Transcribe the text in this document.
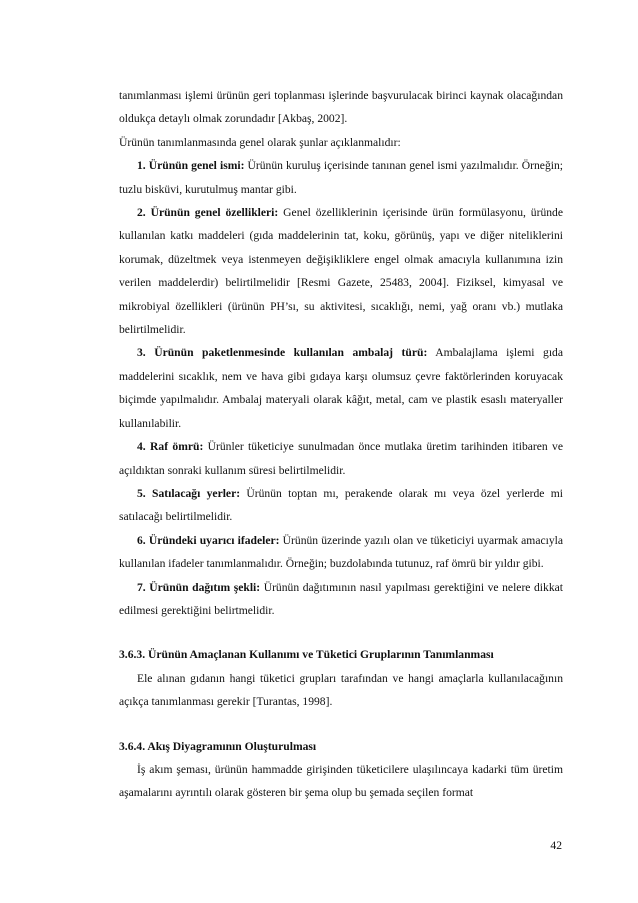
tanımlanması işlemi ürünün geri toplanması işlerinde başvurulacak birinci kaynak olacağından oldukça detaylı olmak zorundadır [Akbaş, 2002].

Ürünün tanımlanmasında genel olarak şunlar açıklanmalıdır:

1. Ürünün genel ismi: Ürünün kuruluş içerisinde tanınan genel ismi yazılmalıdır. Örneğin; tuzlu bisküvi, kurutulmuş mantar gibi.

2. Ürünün genel özellikleri: Genel özelliklerinin içerisinde ürün formülasyonu, üründe kullanılan katkı maddeleri (gıda maddelerinin tat, koku, görünüş, yapı ve diğer niteliklerini korumak, düzeltmek veya istenmeyen değişikliklere engel olmak amacıyla kullanımına izin verilen maddelerdir) belirtilmelidir [Resmi Gazete, 25483, 2004]. Fiziksel, kimyasal ve mikrobiyal özellikleri (ürünün PH’sı, su aktivitesi, sıcaklığı, nemi, yağ oranı vb.) mutlaka belirtilmelidir.

3. Ürünün paketlenmesinde kullanılan ambalaj türü: Ambalajlama işlemi gıda maddelerini sıcaklık, nem ve hava gibi gıdaya karşı olumsuz çevre faktörlerinden koruyacak biçimde yapılmalıdır. Ambalaj materyali olarak kâğıt, metal, cam ve plastik esaslı materyaller kullanılabilir.

4. Raf ömrü: Ürünler tüketiciye sunulmadan önce mutlaka üretim tarihinden itibaren ve açıldıktan sonraki kullanım süresi belirtilmelidir.

5. Satılacağı yerler: Ürünün toptan mı, perakende olarak mı veya özel yerlerde mi satılacağı belirtilmelidir.

6. Üründeki uyarıcı ifadeler: Ürünün üzerinde yazılı olan ve tüketiciyi uyarmak amacıyla kullanılan ifadeler tanımlanmalıdır. Örneğin; buzdolabında tutunuz, raf ömrü bir yıldır gibi.

7. Ürünün dağıtım şekli: Ürünün dağıtımının nasıl yapılması gerektiğini ve nelere dikkat edilmesi gerektiğini belirtmelidir.

3.6.3. Ürünün Amaçlanan Kullanımı ve Tüketici Gruplarının Tanımlanması

Ele alınan gıdanın hangi tüketici grupları tarafından ve hangi amaçlarla kullanılacağının açıkça tanımlanması gerekir [Turantas, 1998].

3.6.4. Akış Diyagramının Oluşturulması

İş akım şeması, ürünün hammadde girişinden tüketicilere ulaşılıncaya kadarki tüm üretim aşamalarını ayrıntılı olarak gösteren bir şema olup bu şemada seçilen format

42
